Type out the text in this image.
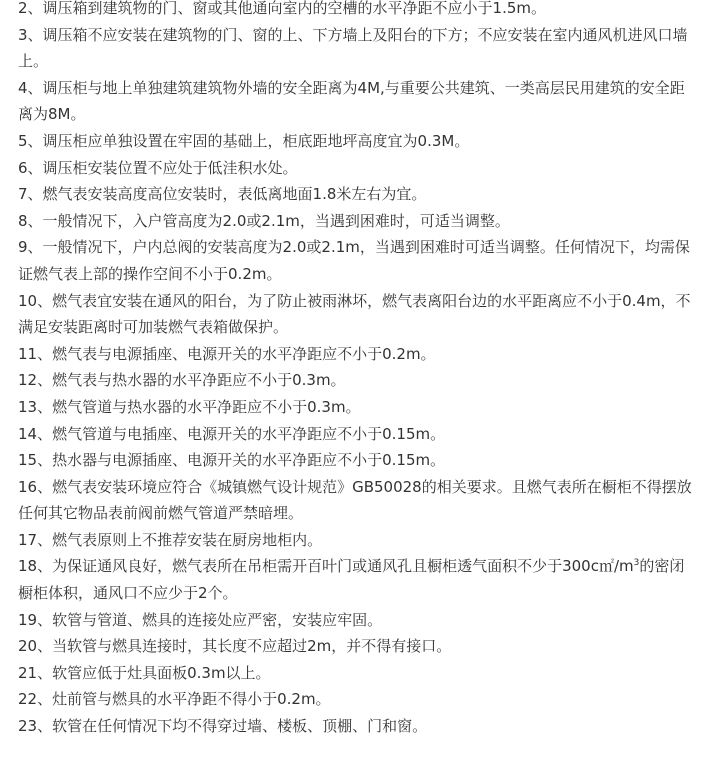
2、调压箱到建筑物的门、窗或其他通向室内的空槽的水平净距不应小于1.5m。

3、调压箱不应安装在建筑物的门、窗的上、下方墙上及阳台的下方；不应安装在室内通风机进风口墙上。

4、调压柜与地上单独建筑建筑物外墙的安全距离为4M,与重要公共建筑、一类高层民用建筑的安全距离为8M。

5、调压柜应单独设置在牢固的基础上，柜底距地坪高度宜为0.3M。

6、调压柜安装位置不应处于低洼积水处。

7、燃气表安装高度高位安装时，表低离地面1.8米左右为宜。

8、一般情况下，入户管高度为2.0或2.1m，当遇到困难时，可适当调整。

9、一般情况下，户内总阀的安装高度为2.0或2.1m，当遇到困难时可适当调整。任何情况下，均需保证燃气表上部的操作空间不小于0.2m。

10、燃气表宜安装在通风的阳台，为了防止被雨淋坏，燃气表离阳台边的水平距离应不小于0.4m，不满足安装距离时可加装燃气表箱做保护。

11、燃气表与电源插座、电源开关的水平净距应不小于0.2m。

12、燃气表与热水器的水平净距应不小于0.3m。

13、燃气管道与热水器的水平净距应不小于0.3m。

14、燃气管道与电插座、电源开关的水平净距应不小于0.15m。

15、热水器与电源插座、电源开关的水平净距应不小于0.15m。

16、燃气表安装环境应符合《城镇燃气设计规范》GB50028的相关要求。且燃气表所在橱柜不得摆放任何其它物品表前阀前燃气管道严禁暗埋。

17、燃气表原则上不推荐安装在厨房地柜内。

18、为保证通风良好，燃气表所在吊柜需开百叶门或通风孔且橱柜透气面积不少于$300c㎡/m^3$的密闭橱柜体积，通风口不应少于2个。

19、软管与管道、燃具的连接处应严密，安装应牢固。

20、当软管与燃具连接时，其长度不应超过2m，并不得有接口。

21、软管应低于灶具面板0.3m以上。

22、灶前管与燃具的水平净距不得小于0.2m。

23、软管在任何情况下均不得穿过墙、楼板、顶棚、门和窗。
